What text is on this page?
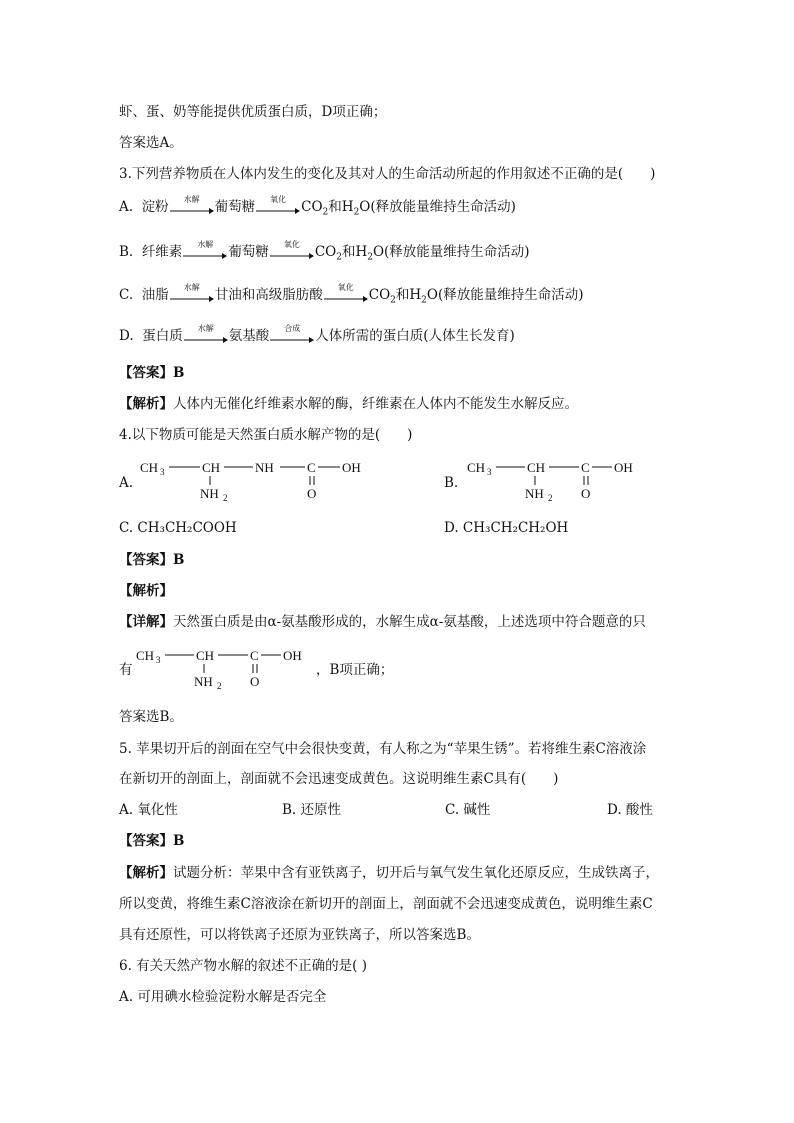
虾、蛋、奶等能提供优质蛋白质，D项正确；
答案选A。
3.下列营养物质在人体内发生的变化及其对人的生命活动所起的作用叙述不正确的是(　　)
A. 淀粉	水解	葡萄糖	氧化	$CO_2$和$H_2O$(释放能量维持生命活动)
B. 纤维素	水解	葡萄糖	氧化	$CO_2$和$H_2O$(释放能量维持生命活动)
C. 油脂	水解	甘油和高级脂肪酸	氧化	$CO_2$和$H_2O$(释放能量维持生命活动)
D. 蛋白质	水解	氨基酸	合成	人体所需的蛋白质(人体生长发育)
【答案】B
【解析】人体内无催化纤维素水解的酶，纤维素在人体内不能发生水解反应。
4.以下物质可能是天然蛋白质水解产物的是(　　)
A.
CH 3	CH	NH	C OH
NH 2	O
B.
CH 3	CH	C OH
NH 2 O
C. CH₃CH₂COOH	D. CH₃CH₂CH₂OH
【答案】B
【解析】
【详解】天然蛋白质是由α-氨基酸形成的，水解生成α-氨基酸，上述选项中符合题意的只
有
CH 3	CH	C OH
NH 2 O
，B项正确；
答案选B。
5. 苹果切开后的剖面在空气中会很快变黄，有人称之为“苹果生锈”。若将维生素C溶液涂
在新切开的剖面上，剖面就不会迅速变成黄色。这说明维生素C具有(　　)
A. 氧化性	B. 还原性	C. 碱性	D. 酸性
【答案】B
【解析】试题分析：苹果中含有亚铁离子，切开后与氧气发生氧化还原反应，生成铁离子，
所以变黄，将维生素C溶液涂在新切开的剖面上，剖面就不会迅速变成黄色，说明维生素C
具有还原性，可以将铁离子还原为亚铁离子，所以答案选B。
6. 有关天然产物水解的叙述不正确的是( )
A. 可用碘水检验淀粉水解是否完全
